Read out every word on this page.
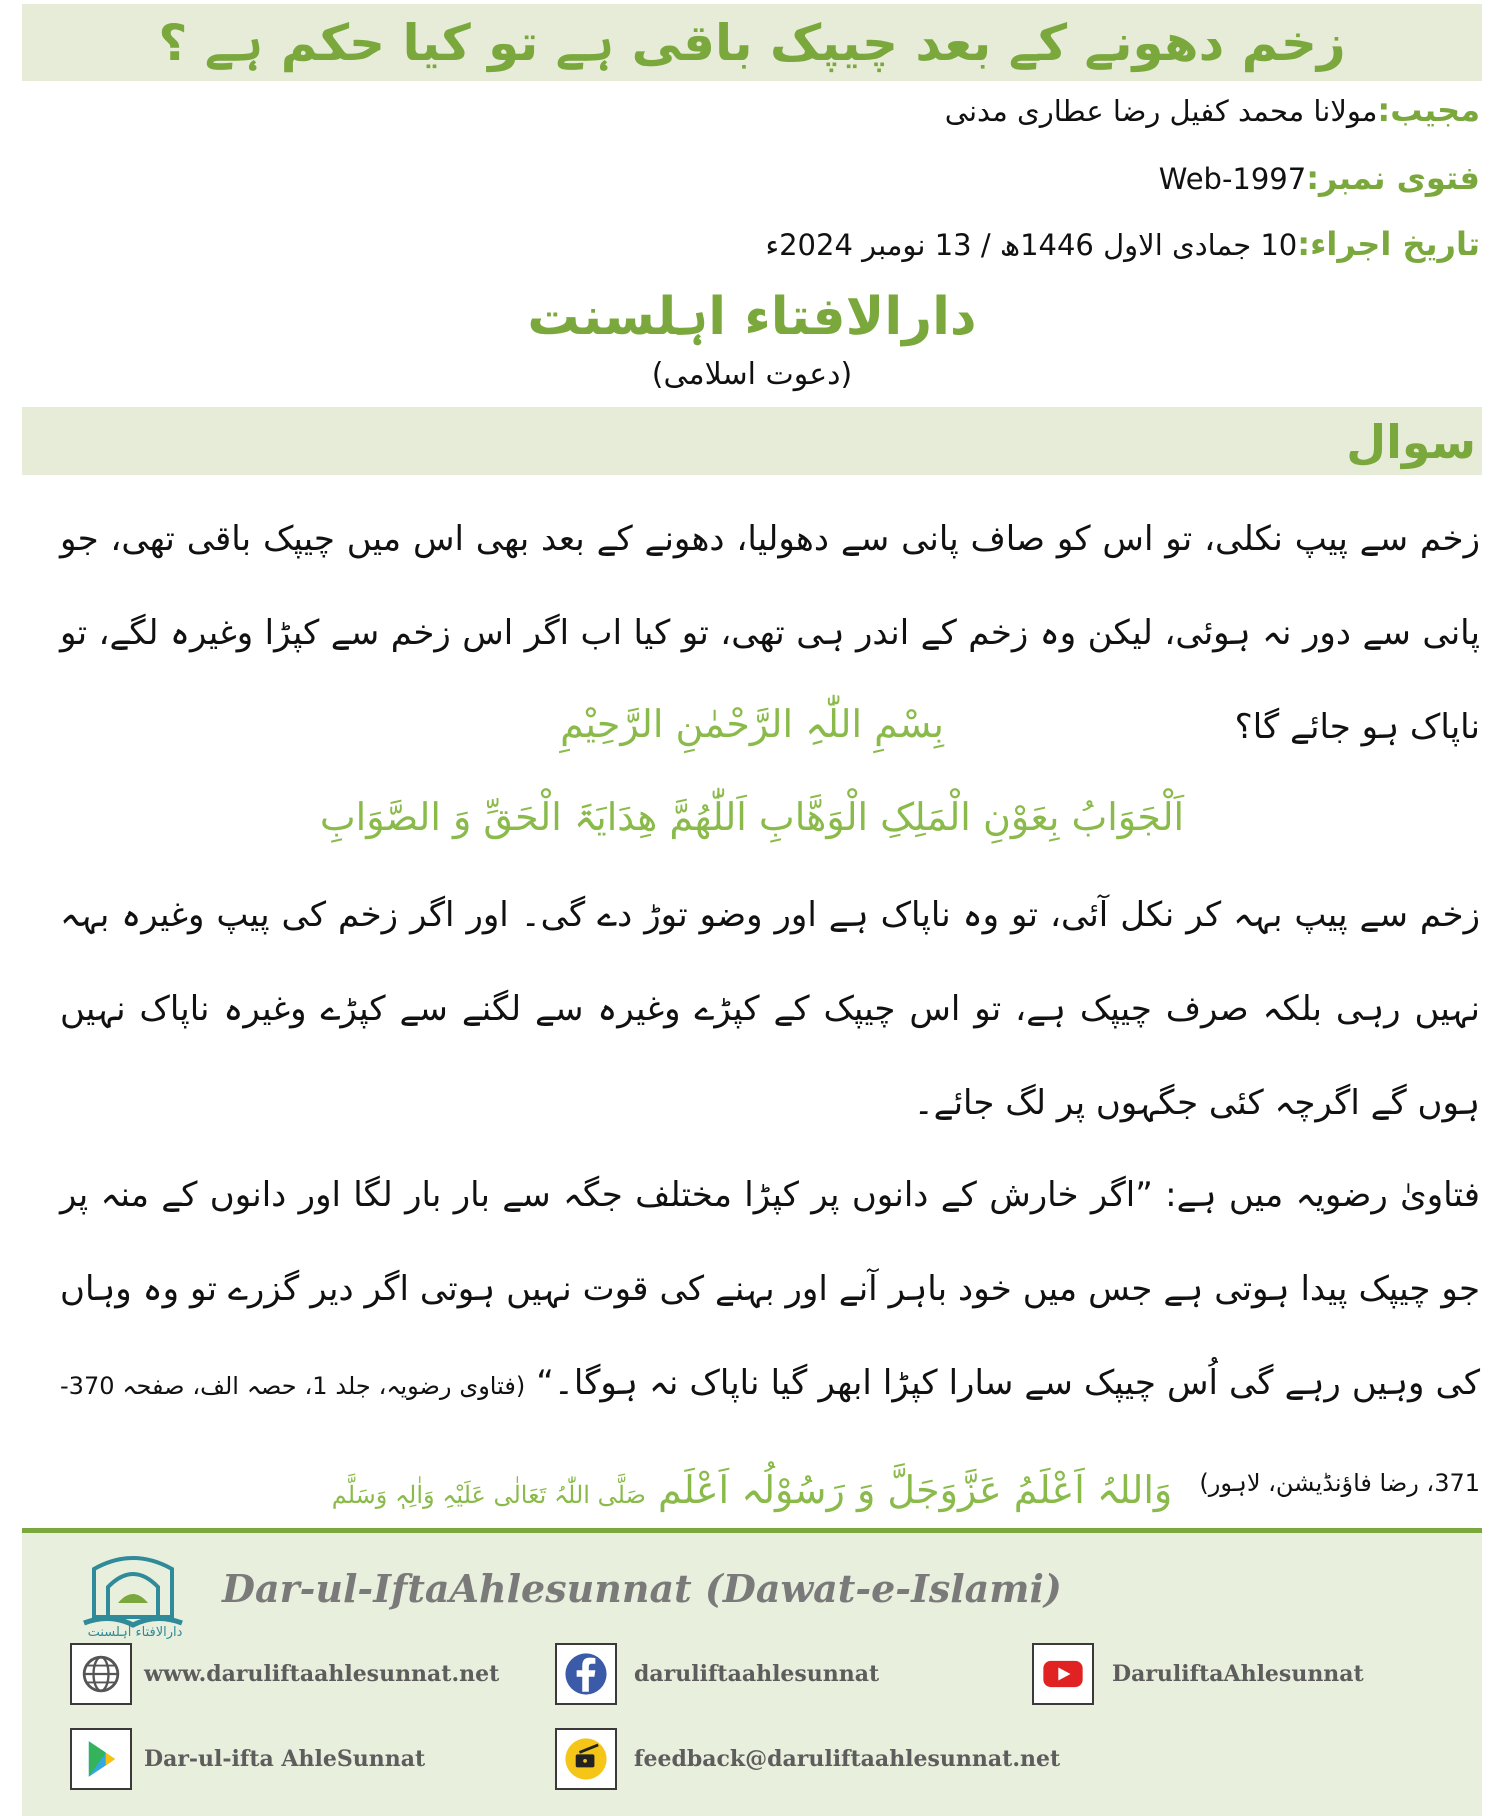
زخم دھونے کے بعد چیپک باقی ہے تو کیا حکم ہے ؟
مجیب:مولانا محمد کفیل رضا عطاری مدنی
فتوی نمبر:Web-1997
تاریخ اجراء:10 جمادی الاول 1446ھ / 13 نومبر 2024ء
دارالافتاء اہلسنت
(دعوت اسلامی)
سوال
زخم سے پیپ نکلی، تو اس کو صاف پانی سے دھولیا، دھونے کے بعد بھی اس میں چیپک باقی تھی، جو پانی سے دور نہ ہوئی، لیکن وہ زخم کے اندر ہی تھی، تو کیا اب اگر اس زخم سے کپڑا وغیرہ لگے، تو ناپاک ہو جائے گا؟
بِسْمِ اللّٰہِ الرَّحْمٰنِ الرَّحِیْمِ
اَلْجَوَابُ بِعَوْنِ الْمَلِکِ الْوَھَّابِ اَللّٰھُمَّ ھِدَایَۃَ الْحَقِّ وَ الصَّوَابِ
زخم سے پیپ بہہ کر نکل آئی، تو وہ ناپاک ہے اور وضو توڑ دے گی۔ اور اگر زخم کی پیپ وغیرہ بہہ نہیں رہی بلکہ صرف چیپک ہے، تو اس چیپک کے کپڑے وغیرہ سے لگنے سے کپڑے وغیرہ ناپاک نہیں ہوں گے اگرچہ کئی جگہوں پر لگ جائے۔
فتاویٰ رضویہ میں ہے: ”اگر خارش کے دانوں پر کپڑا مختلف جگہ سے بار بار لگا اور دانوں کے منہ پر جو چیپک پیدا ہوتی ہے جس میں خود باہر آنے اور بہنے کی قوت نہیں ہوتی اگر دیر گزرے تو وہ وہاں کی وہیں رہے گی اُس چیپک سے سارا کپڑا ابھر گیا ناپاک نہ ہوگا۔“ (فتاوی رضویہ، جلد 1، حصہ الف، صفحہ 370-371، رضا فاؤنڈیشن، لاہور)
وَاللہُ اَعْلَمُ عَزَّوَجَلَّ وَ رَسُوْلُہ اَعْلَم صَلَّی اللّٰہُ تَعَالٰی عَلَیْہِ وَاٰلِہٖ وَسَلَّم
دارالافتاء اہلسنت
Dar-ul-IftaAhlesunnat (Dawat-e-Islami)
www.daruliftaahlesunnat.net	daruliftaahlesunnat	DaruliftaAhlesunnat
Dar-ul-ifta AhleSunnat	feedback@daruliftaahlesunnat.net
